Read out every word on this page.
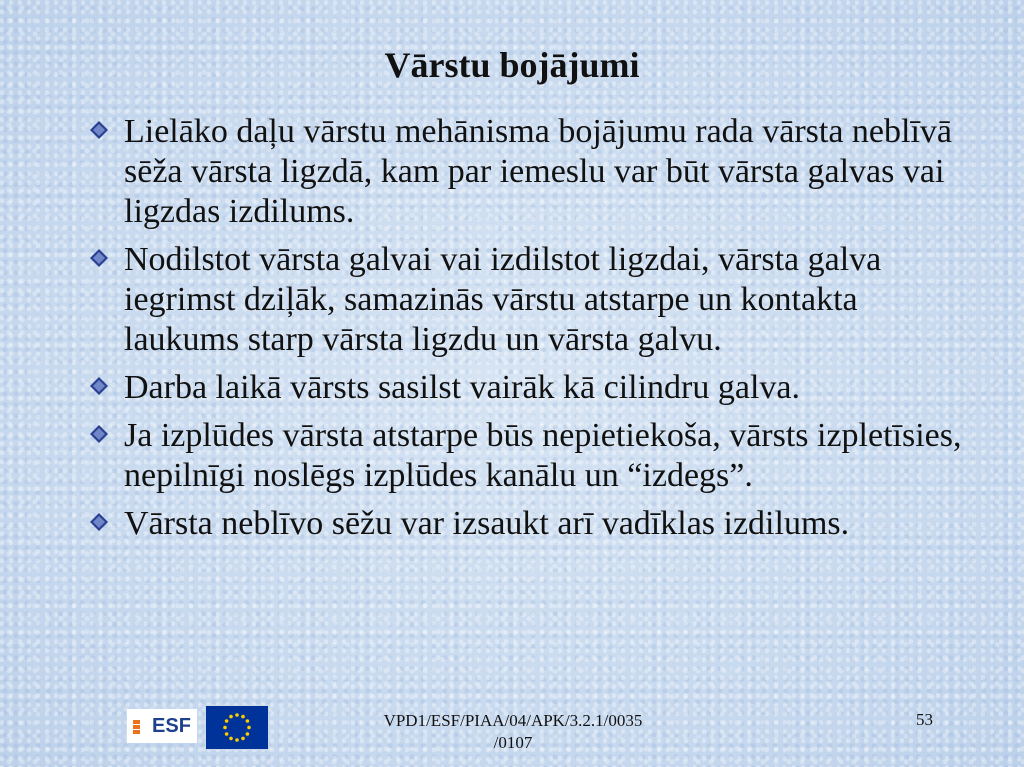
Vārstu bojājumi
Lielāko daļu vārstu mehānisma bojājumu rada vārsta neblīvā sēža vārsta ligzdā, kam par iemeslu var būt vārsta galvas vai ligzdas izdilums.
Nodilstot vārsta galvai vai izdilstot ligzdai, vārsta galva iegrimst dziļāk, samazinās vārstu atstarpe un kontakta laukums starp vārsta ligzdu un vārsta galvu.
Darba laikā vārsts sasilst vairāk kā cilindru galva.
Ja izplūdes vārsta atstarpe būs nepietiekoša, vārsts izpletīsies, nepilnīgi noslēgs izplūdes kanālu un “izdegs”.
Vārsta neblīvo sēžu var izsaukt arī vadīklas izdilums.
ESF	VPD1/ESF/PIAA/04/APK/3.2.1/0035
/0107
53
